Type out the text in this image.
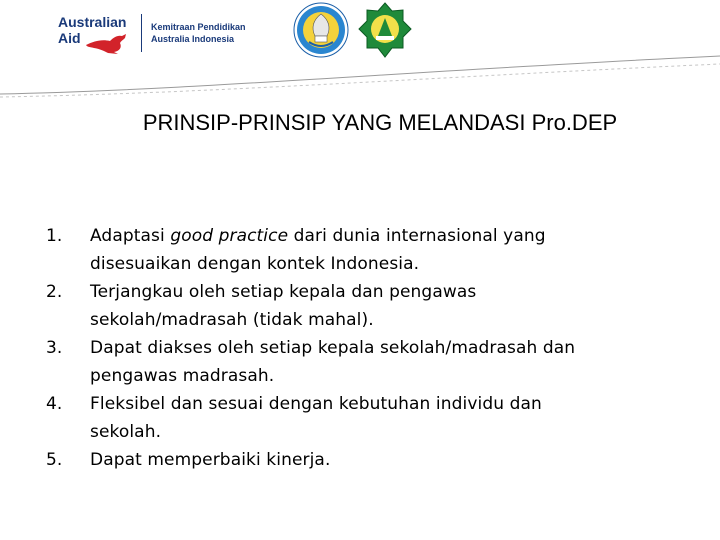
Australian
Aid
Kemitraan Pendidikan
Australia Indonesia
PRINSIP-PRINSIP YANG MELANDASI Pro.DEP
1. Adaptasi good practice dari dunia internasional yang
disesuaikan dengan kontek Indonesia.
2. Terjangkau oleh setiap kepala dan pengawas
sekolah/madrasah (tidak mahal).
3. Dapat diakses oleh setiap kepala sekolah/madrasah dan
pengawas madrasah.
4. Fleksibel dan sesuai dengan kebutuhan individu dan
sekolah.
5. Dapat memperbaiki kinerja.
